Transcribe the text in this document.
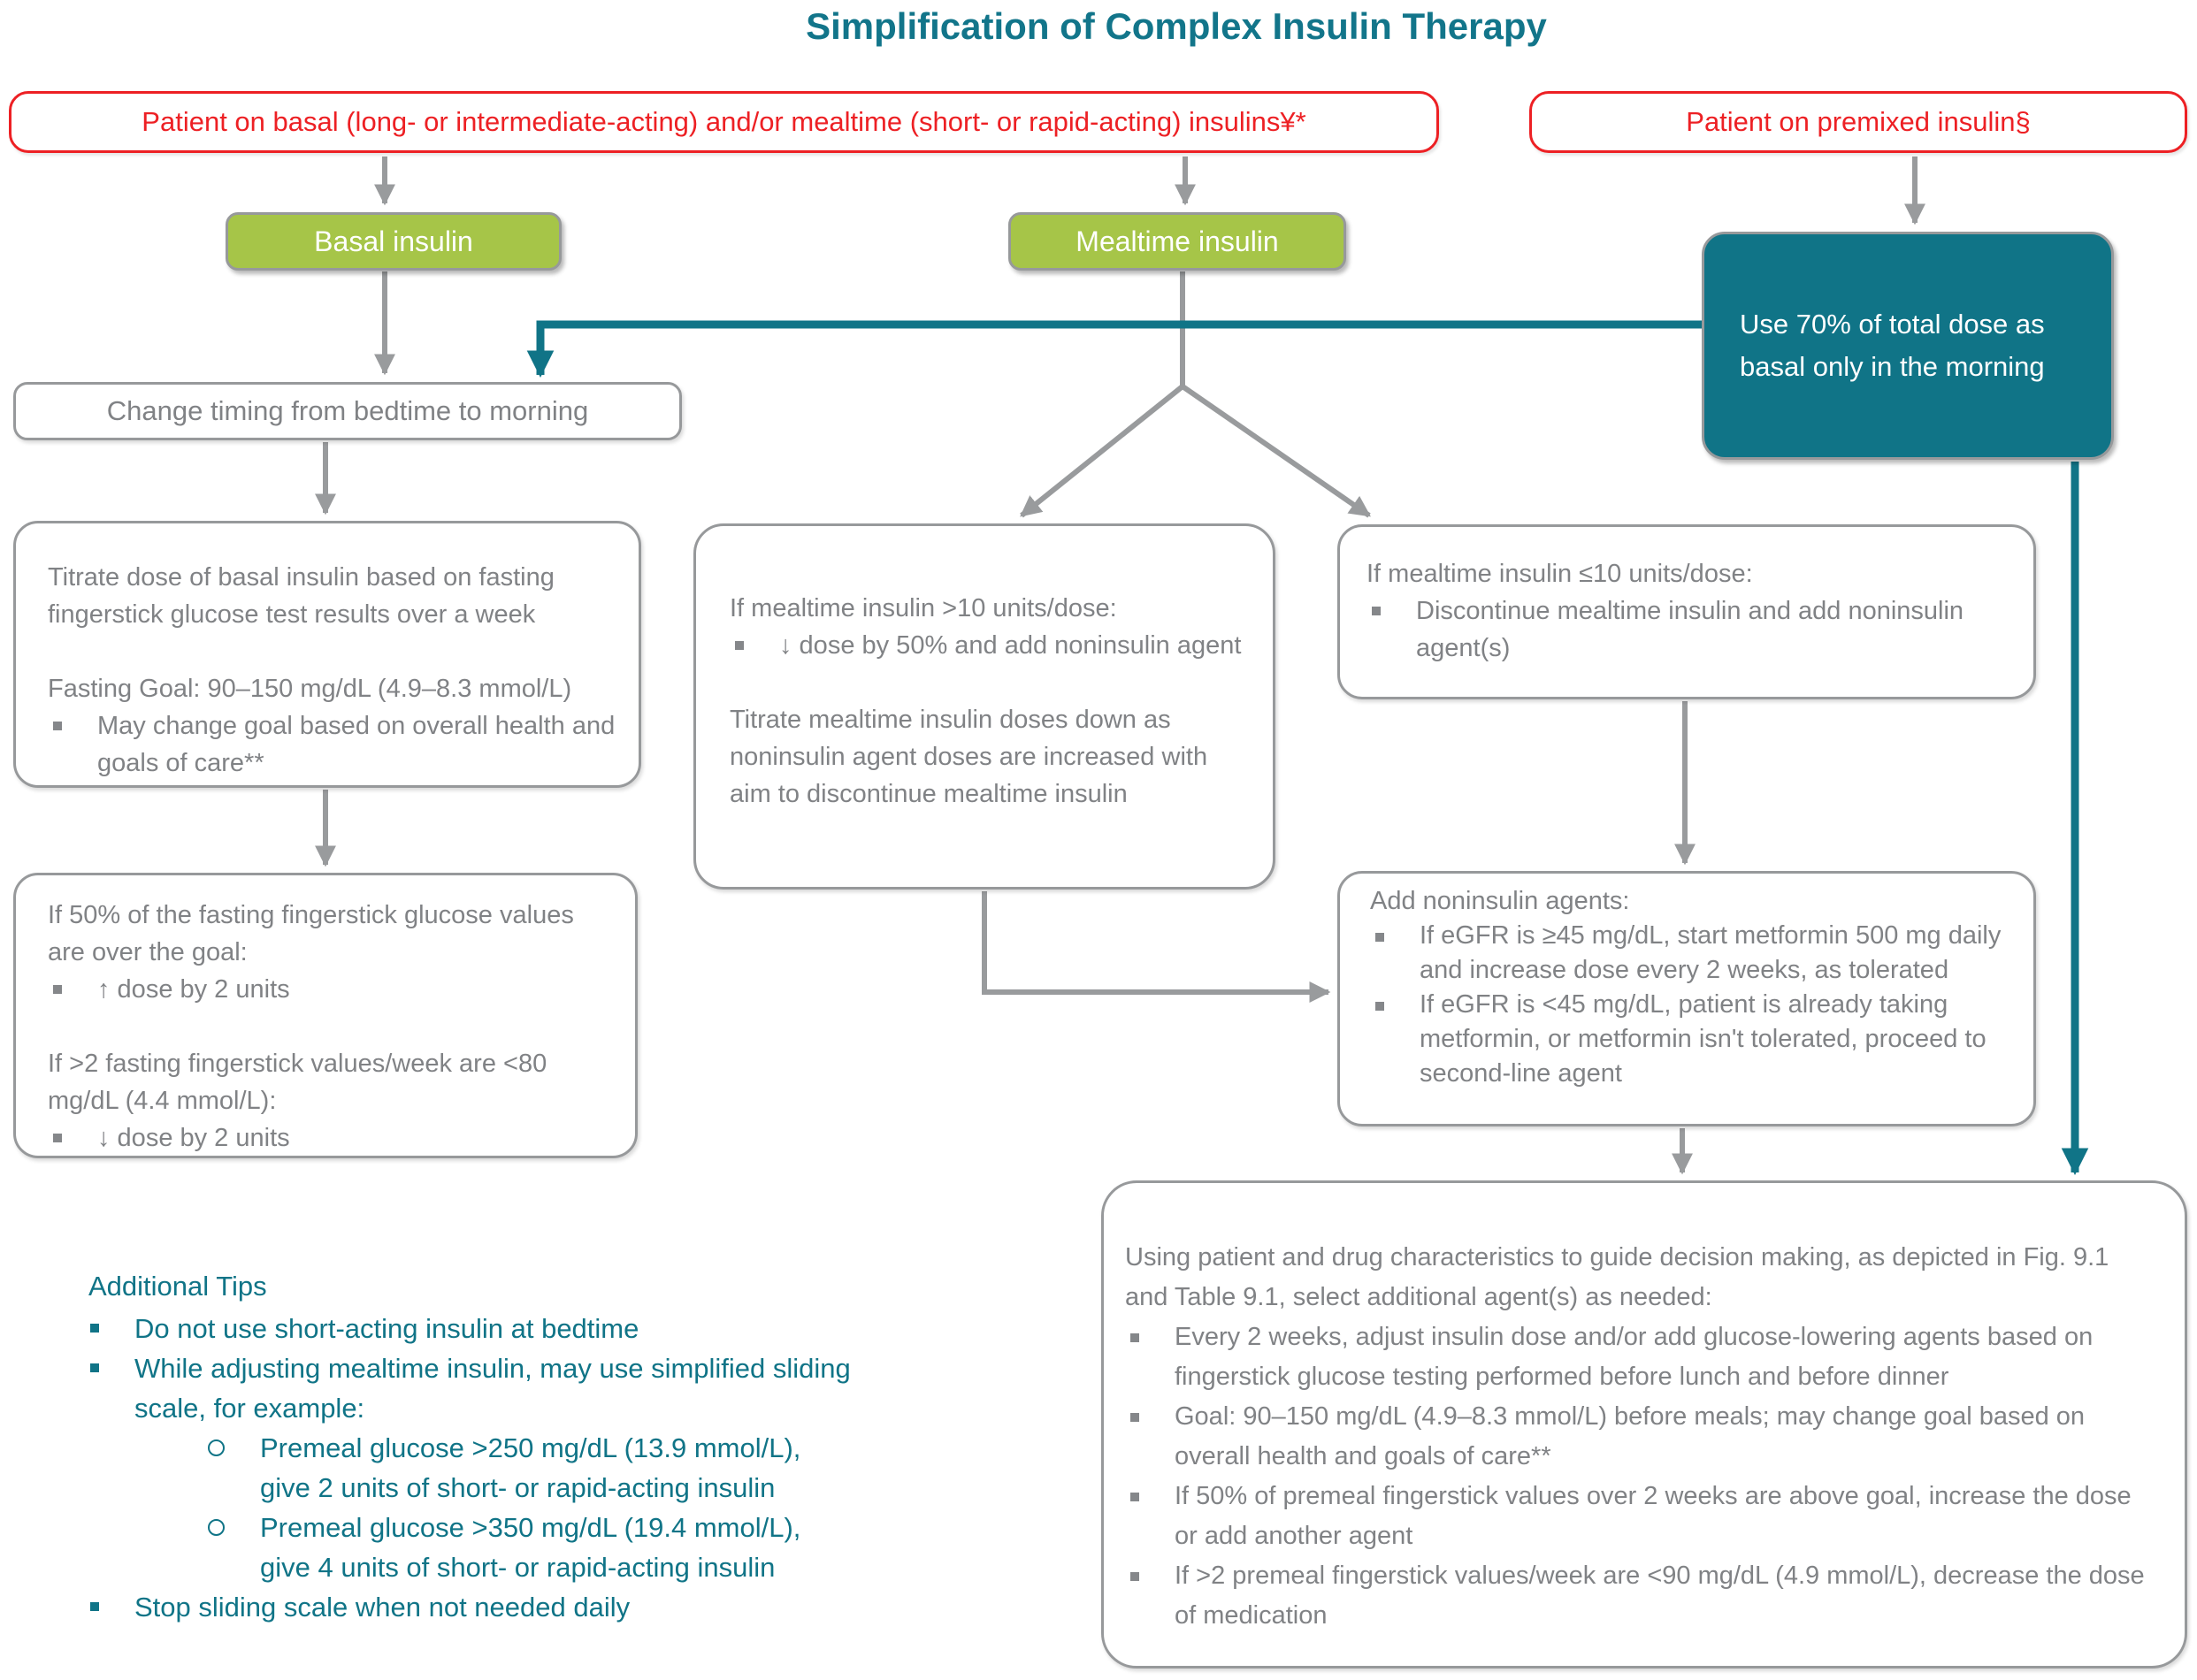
Simplification of Complex Insulin Therapy
Patient on basal (long- or intermediate-acting) and/or mealtime (short- or rapid-acting) insulins¥*	Patient on premixed insulin§
Basal insulin	Mealtime insulin
Use 70% of total dose as basal only in the morning
Change timing from bedtime to morning
Titrate dose of basal insulin based on fasting fingerstick glucose test results over a week
Fasting Goal: 90–150 mg/dL (4.9–8.3 mmol/L)
May change goal based on overall health and goals of care**
If 50% of the fasting fingerstick glucose values are over the goal:
↑ dose by 2 units
If >2 fasting fingerstick values/week are <80 mg/dL (4.4 mmol/L):
↓ dose by 2 units
If mealtime insulin >10 units/dose:
↓ dose by 50% and add noninsulin agent
Titrate mealtime insulin doses down as noninsulin agent doses are increased with aim to discontinue mealtime insulin
If mealtime insulin ≤10 units/dose:
Discontinue mealtime insulin and add noninsulin agent(s)
Add noninsulin agents:
If eGFR is ≥45 mg/dL, start metformin 500 mg daily and increase dose every 2 weeks, as tolerated
If eGFR is <45 mg/dL, patient is already taking metformin, or metformin isn't tolerated, proceed to second-line agent
Using patient and drug characteristics to guide decision making, as depicted in Fig. 9.1 and Table 9.1, select additional agent(s) as needed:
Every 2 weeks, adjust insulin dose and/or add glucose-lowering agents based on fingerstick glucose testing performed before lunch and before dinner
Goal: 90–150 mg/dL (4.9–8.3 mmol/L) before meals; may change goal based on overall health and goals of care**
If 50% of premeal fingerstick values over 2 weeks are above goal, increase the dose or add another agent
If >2 premeal fingerstick values/week are <90 mg/dL (4.9 mmol/L), decrease the dose of medication
Additional Tips
Do not use short-acting insulin at bedtime
While adjusting mealtime insulin, may use simplified sliding scale, for example:
Premeal glucose >250 mg/dL (13.9 mmol/L), give 2 units of short- or rapid-acting insulin
Premeal glucose >350 mg/dL (19.4 mmol/L), give 4 units of short- or rapid-acting insulin
Stop sliding scale when not needed daily
